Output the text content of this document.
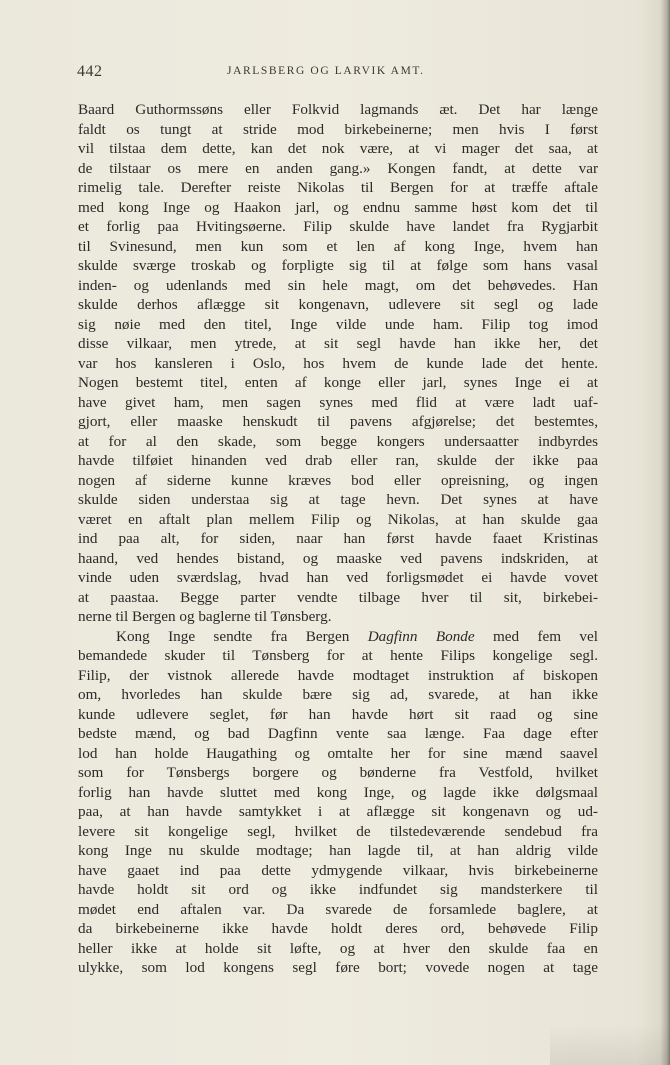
442	JARLSBERG OG LARVIK AMT.
Baard Guthormssøns eller Folkvid lagmands æt. Det har længe
faldt os tungt at stride mod birkebeinerne; men hvis I først
vil tilstaa dem dette, kan det nok være, at vi mager det saa, at
de tilstaar os mere en anden gang.» Kongen fandt, at dette var
rimelig tale. Derefter reiste Nikolas til Bergen for at træffe aftale
med kong Inge og Haakon jarl, og endnu samme høst kom det til
et forlig paa Hvitingsøerne. Filip skulde have landet fra Rygjarbit
til Svinesund, men kun som et len af kong Inge, hvem han
skulde sværge troskab og forpligte sig til at følge som hans vasal
inden- og udenlands med sin hele magt, om det behøvedes. Han
skulde derhos aflægge sit kongenavn, udlevere sit segl og lade
sig nøie med den titel, Inge vilde unde ham. Filip tog imod
disse vilkaar, men ytrede, at sit segl havde han ikke her, det
var hos kansleren i Oslo, hos hvem de kunde lade det hente.
Nogen bestemt titel, enten af konge eller jarl, synes Inge ei at
have givet ham, men sagen synes med flid at være ladt uaf-
gjort, eller maaske henskudt til pavens afgjørelse; det bestemtes,
at for al den skade, som begge kongers undersaatter indbyrdes
havde tilføiet hinanden ved drab eller ran, skulde der ikke paa
nogen af siderne kunne kræves bod eller opreisning, og ingen
skulde siden understaa sig at tage hevn. Det synes at have
været en aftalt plan mellem Filip og Nikolas, at han skulde gaa
ind paa alt, for siden, naar han først havde faaet Kristinas
haand, ved hendes bistand, og maaske ved pavens indskriden, at
vinde uden sværdslag, hvad han ved forligsmødet ei havde vovet
at paastaa. Begge parter vendte tilbage hver til sit, birkebei-
nerne til Bergen og baglerne til Tønsberg.
Kong Inge sendte fra Bergen Dagfinn Bonde med fem vel
bemandede skuder til Tønsberg for at hente Filips kongelige segl.
Filip, der vistnok allerede havde modtaget instruktion af biskopen
om, hvorledes han skulde bære sig ad, svarede, at han ikke
kunde udlevere seglet, før han havde hørt sit raad og sine
bedste mænd, og bad Dagfinn vente saa længe. Faa dage efter
lod han holde Haugathing og omtalte her for sine mænd saavel
som for Tønsbergs borgere og bønderne fra Vestfold, hvilket
forlig han havde sluttet med kong Inge, og lagde ikke dølgsmaal
paa, at han havde samtykket i at aflægge sit kongenavn og ud-
levere sit kongelige segl, hvilket de tilstedeværende sendebud fra
kong Inge nu skulde modtage; han lagde til, at han aldrig vilde
have gaaet ind paa dette ydmygende vilkaar, hvis birkebeinerne
havde holdt sit ord og ikke indfundet sig mandsterkere til
mødet end aftalen var. Da svarede de forsamlede baglere, at
da birkebeinerne ikke havde holdt deres ord, behøvede Filip
heller ikke at holde sit løfte, og at hver den skulde faa en
ulykke, som lod kongens segl føre bort; vovede nogen at tage
